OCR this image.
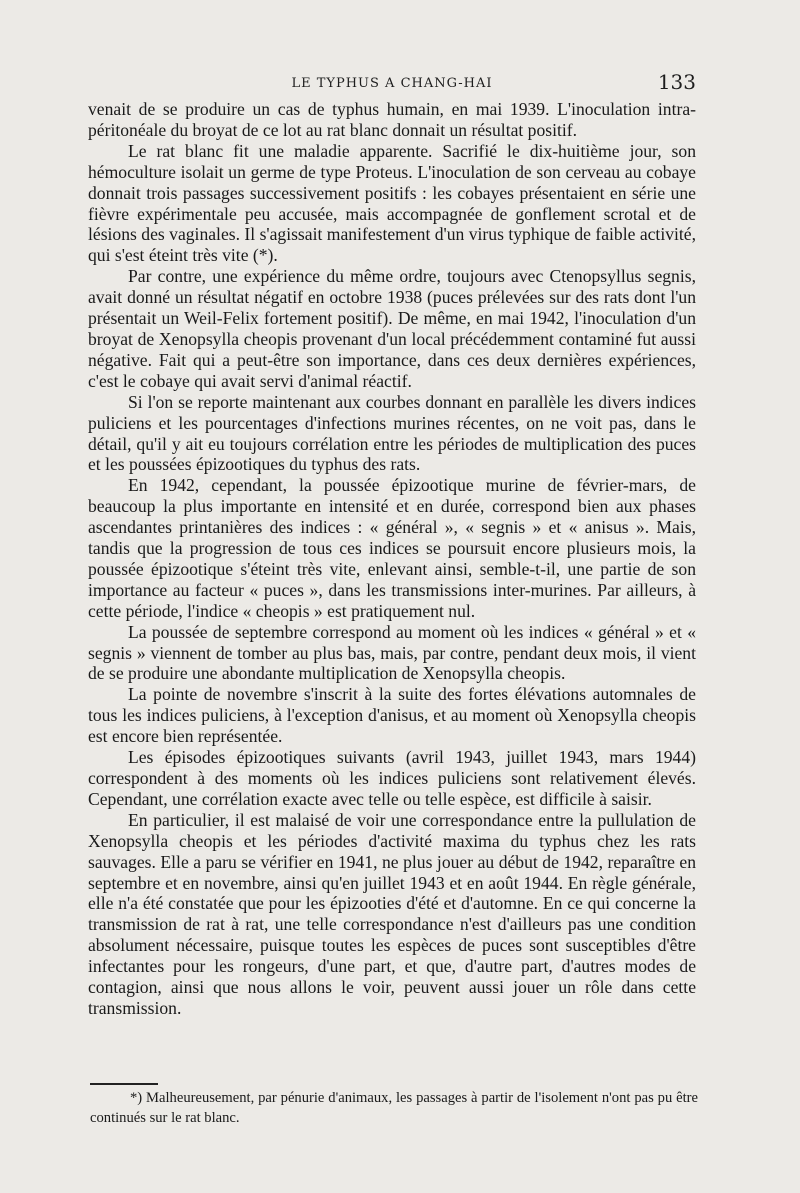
LE TYPHUS A CHANG-HAI	133

venait de se produire un cas de typhus humain, en mai 1939. L'inoculation intra-péritonéale du broyat de ce lot au rat blanc donnait un résultat positif.

Le rat blanc fit une maladie apparente. Sacrifié le dix-huitième jour, son hémoculture isolait un germe de type Proteus. L'inoculation de son cerveau au cobaye donnait trois passages successivement positifs : les cobayes présentaient en série une fièvre expérimentale peu accusée, mais accompagnée de gonflement scrotal et de lésions des vaginales. Il s'agissait manifestement d'un virus typhique de faible activité, qui s'est éteint très vite (*).

Par contre, une expérience du même ordre, toujours avec Ctenopsyllus segnis, avait donné un résultat négatif en octobre 1938 (puces prélevées sur des rats dont l'un présentait un Weil-Felix fortement positif). De même, en mai 1942, l'inoculation d'un broyat de Xenopsylla cheopis provenant d'un local précédemment contaminé fut aussi négative. Fait qui a peut-être son importance, dans ces deux dernières expériences, c'est le cobaye qui avait servi d'animal réactif.

Si l'on se reporte maintenant aux courbes donnant en parallèle les divers indices puliciens et les pourcentages d'infections murines récentes, on ne voit pas, dans le détail, qu'il y ait eu toujours corrélation entre les périodes de multiplication des puces et les poussées épizootiques du typhus des rats.

En 1942, cependant, la poussée épizootique murine de février-mars, de beaucoup la plus importante en intensité et en durée, correspond bien aux phases ascendantes printanières des indices : « général », « segnis » et « anisus ». Mais, tandis que la progression de tous ces indices se poursuit encore plusieurs mois, la poussée épizootique s'éteint très vite, enlevant ainsi, semble-t-il, une partie de son importance au facteur « puces », dans les transmissions inter-murines. Par ailleurs, à cette période, l'indice « cheopis » est pratiquement nul.

La poussée de septembre correspond au moment où les indices « général » et « segnis » viennent de tomber au plus bas, mais, par contre, pendant deux mois, il vient de se produire une abondante multiplication de Xenopsylla cheopis.

La pointe de novembre s'inscrit à la suite des fortes élévations automnales de tous les indices puliciens, à l'exception d'anisus, et au moment où Xenopsylla cheopis est encore bien représentée.

Les épisodes épizootiques suivants (avril 1943, juillet 1943, mars 1944) correspondent à des moments où les indices puliciens sont relativement élevés. Cependant, une corrélation exacte avec telle ou telle espèce, est difficile à saisir.

En particulier, il est malaisé de voir une correspondance entre la pullulation de Xenopsylla cheopis et les périodes d'activité maxima du typhus chez les rats sauvages. Elle a paru se vérifier en 1941, ne plus jouer au début de 1942, reparaître en septembre et en novembre, ainsi qu'en juillet 1943 et en août 1944. En règle générale, elle n'a été constatée que pour les épizooties d'été et d'automne. En ce qui concerne la transmission de rat à rat, une telle correspondance n'est d'ailleurs pas une condition absolument nécessaire, puisque toutes les espèces de puces sont susceptibles d'être infectantes pour les rongeurs, d'une part, et que, d'autre part, d'autres modes de contagion, ainsi que nous allons le voir, peuvent aussi jouer un rôle dans cette transmission.

*) Malheureusement, par pénurie d'animaux, les passages à partir de l'isolement n'ont pas pu être continués sur le rat blanc.
